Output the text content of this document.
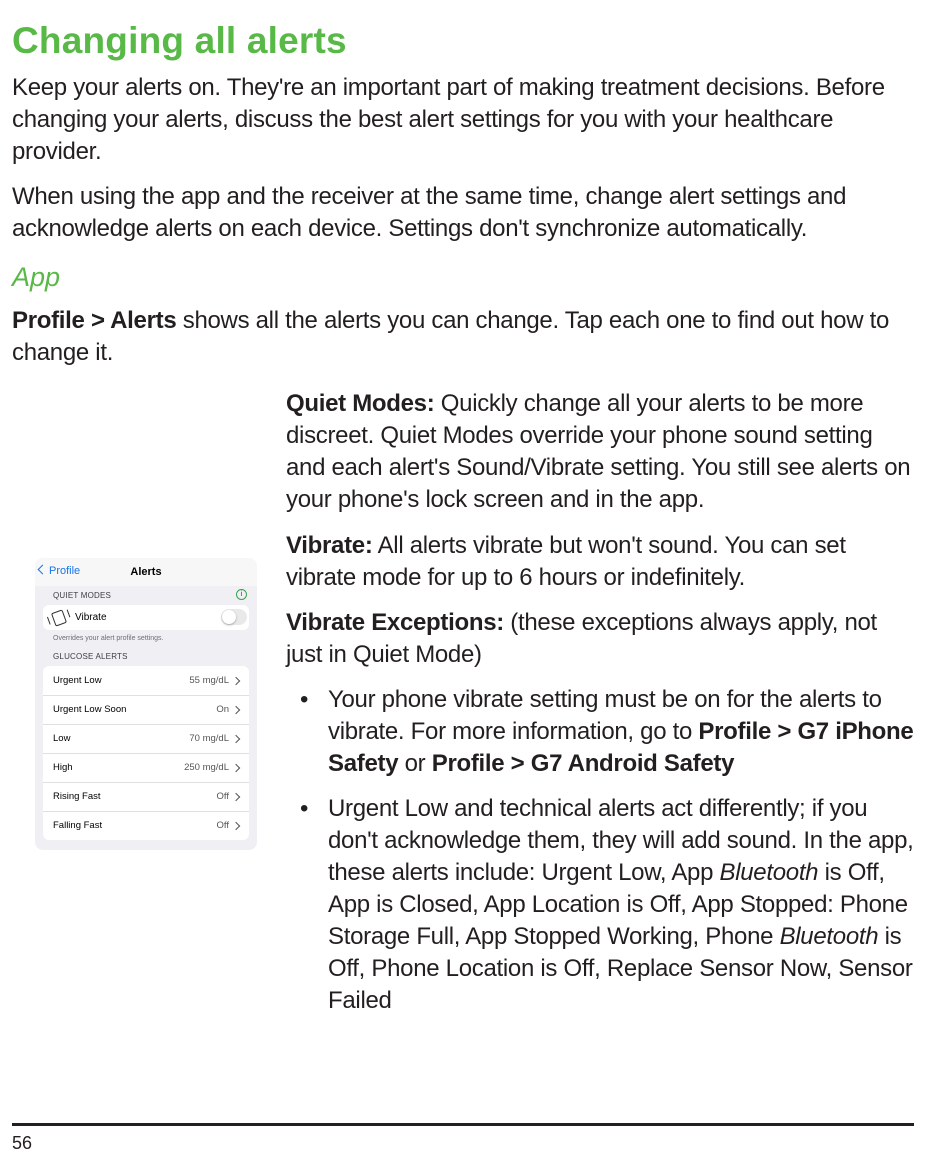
Changing all alerts

Keep your alerts on. They're an important part of making treatment decisions. Before changing your alerts, discuss the best alert settings for you with your healthcare provider.

When using the app and the receiver at the same time, change alert settings and acknowledge alerts on each device. Settings don't synchronize automatically.

App

Profile > Alerts shows all the alerts you can change. Tap each one to find out how to change it.

Profile	Alerts
QUIET MODES	i
Vibrate
Overrides your alert profile settings.
GLUCOSE ALERTS
Urgent Low	55 mg/dL
Urgent Low Soon	On
Low	70 mg/dL
High	250 mg/dL
Rising Fast	Off
Falling Fast	Off

Quiet Modes: Quickly change all your alerts to be more discreet. Quiet Modes override your phone sound setting and each alert's Sound/Vibrate setting. You still see alerts on your phone's lock screen and in the app.

Vibrate: All alerts vibrate but won't sound. You can set vibrate mode for up to 6 hours or indefinitely.

Vibrate Exceptions: (these exceptions always apply, not just in Quiet Mode)

• Your phone vibrate setting must be on for the alerts to vibrate. For more information, go to Profile > G7 iPhone Safety or Profile > G7 Android Safety
• Urgent Low and technical alerts act differently; if you don't acknowledge them, they will add sound. In the app, these alerts include: Urgent Low, App Bluetooth is Off, App is Closed, App Location is Off, App Stopped: Phone Storage Full, App Stopped Working, Phone Bluetooth is Off, Phone Location is Off, Replace Sensor Now, Sensor Failed
56
